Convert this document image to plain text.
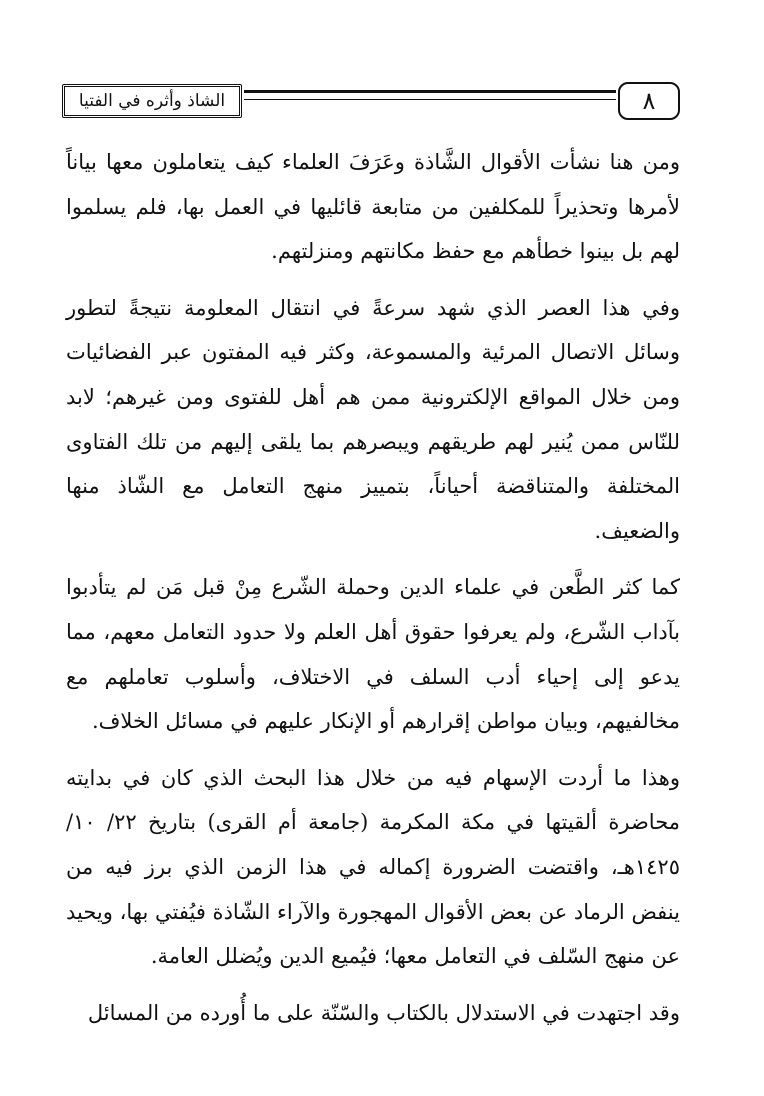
الشاذ وأثره في الفتيا	٨

ومن هنا نشأت الأقوال الشَّاذة وعَرَفَ العلماء كيف يتعاملون معها بياناً لأمرها وتحذيراً للمكلفين من متابعة قائليها في العمل بها، فلم يسلموا لهم بل بينوا خطأهم مع حفظ مكانتهم ومنزلتهم.

وفي هذا العصر الذي شهد سرعةً في انتقال المعلومة نتيجةً لتطور وسائل الاتصال المرئية والمسموعة، وكثر فيه المفتون عبر الفضائيات ومن خلال المواقع الإلكترونية ممن هم أهل للفتوى ومن غيرهم؛ لابد للنّاس ممن يُنير لهم طريقهم ويبصرهم بما يلقى إليهم من تلك الفتاوى المختلفة والمتناقضة أحياناً، بتمييز منهج التعامل مع الشّاذ منها والضعيف.

كما كثر الطَّعن في علماء الدين وحملة الشّرع مِنْ قبل مَن لم يتأدبوا بآداب الشّرع، ولم يعرفوا حقوق أهل العلم ولا حدود التعامل معهم، مما يدعو إلى إحياء أدب السلف في الاختلاف، وأسلوب تعاملهم مع مخالفيهم، وبيان مواطن إقرارهم أو الإنكار عليهم في مسائل الخلاف.

وهذا ما أردت الإسهام فيه من خلال هذا البحث الذي كان في بدايته محاضرة ألقيتها في مكة المكرمة (جامعة أم القرى) بتاريخ ٢٢/ ١٠/ ١٤٢٥هـ، واقتضت الضرورة إكماله في هذا الزمن الذي برز فيه من ينفض الرماد عن بعض الأقوال المهجورة والآراء الشّاذة فيُفتي بها، ويحيد عن منهج السّلف في التعامل معها؛ فيُميع الدين ويُضلل العامة.

وقد اجتهدت في الاستدلال بالكتاب والسّنّة على ما أُورده من المسائل
